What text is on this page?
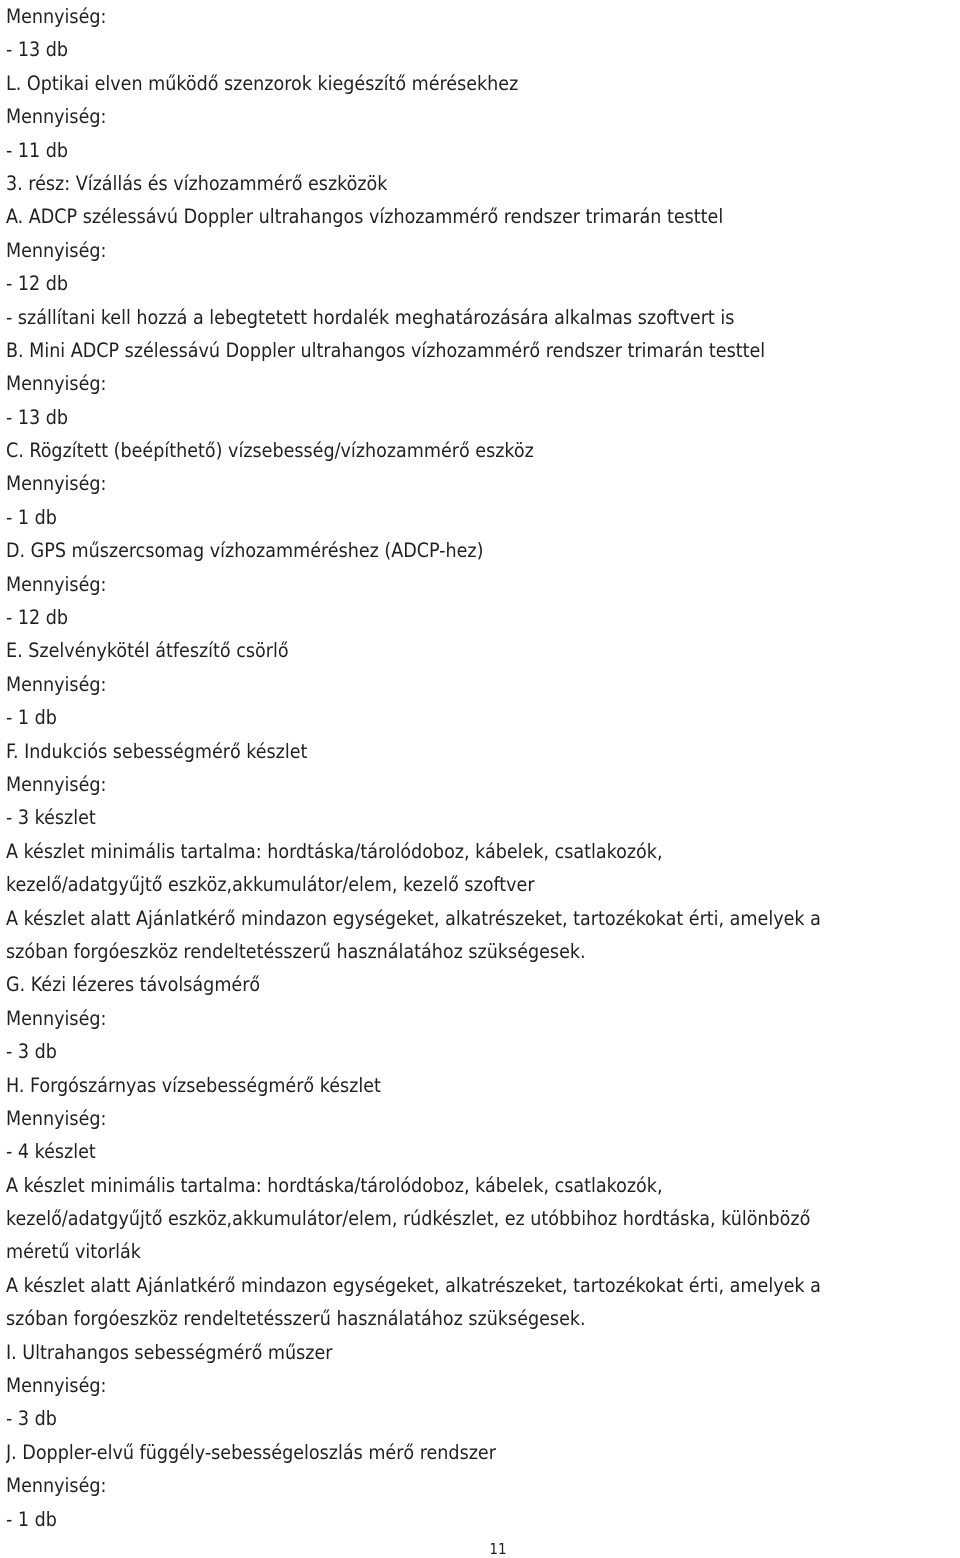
Mennyiség:
- 13 db
L. Optikai elven működő szenzorok kiegészítő mérésekhez
Mennyiség:
- 11 db
3. rész: Vízállás és vízhozammérő eszközök
A. ADCP szélessávú Doppler ultrahangos vízhozammérő rendszer trimarán testtel
Mennyiség:
- 12 db
- szállítani kell hozzá a lebegtetett hordalék meghatározására alkalmas szoftvert is
B. Mini ADCP szélessávú Doppler ultrahangos vízhozammérő rendszer trimarán testtel
Mennyiség:
- 13 db
C. Rögzített (beépíthető) vízsebesség/vízhozammérő eszköz
Mennyiség:
- 1 db
D. GPS műszercsomag vízhozamméréshez (ADCP-hez)
Mennyiség:
- 12 db
E. Szelvénykötél átfeszítő csörlő
Mennyiség:
- 1 db
F. Indukciós sebességmérő készlet
Mennyiség:
- 3 készlet
A készlet minimális tartalma: hordtáska/tárolódoboz, kábelek, csatlakozók,
kezelő/adatgyűjtő eszköz,akkumulátor/elem, kezelő szoftver
A készlet alatt Ajánlatkérő mindazon egységeket, alkatrészeket, tartozékokat érti, amelyek a
szóban forgóeszköz rendeltetésszerű használatához szükségesek.
G. Kézi lézeres távolságmérő
Mennyiség:
- 3 db
H. Forgószárnyas vízsebességmérő készlet
Mennyiség:
- 4 készlet
A készlet minimális tartalma: hordtáska/tárolódoboz, kábelek, csatlakozók,
kezelő/adatgyűjtő eszköz,akkumulátor/elem, rúdkészlet, ez utóbbihoz hordtáska, különböző
méretű vitorlák
A készlet alatt Ajánlatkérő mindazon egységeket, alkatrészeket, tartozékokat érti, amelyek a
szóban forgóeszköz rendeltetésszerű használatához szükségesek.
I. Ultrahangos sebességmérő műszer
Mennyiség:
- 3 db
J. Doppler-elvű függély-sebességeloszlás mérő rendszer
Mennyiség:
- 1 db
11
